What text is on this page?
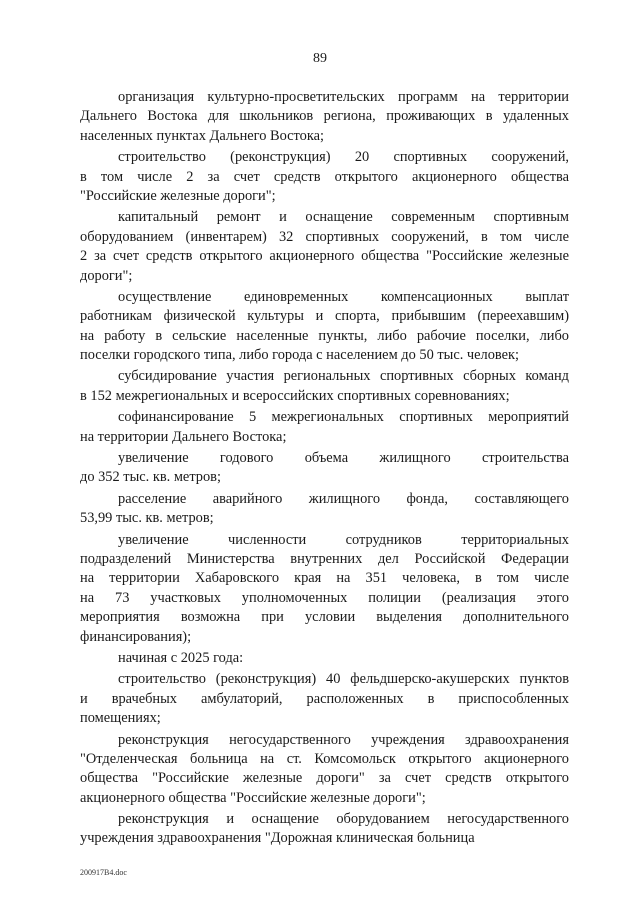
89
организация культурно-просветительских программ на территории
Дальнего Востока для школьников региона, проживающих в удаленных
населенных пунктах Дальнего Востока;
строительство (реконструкция) 20 спортивных сооружений,
в том числе 2 за счет средств открытого акционерного общества
"Российские железные дороги";
капитальный ремонт и оснащение современным спортивным
оборудованием (инвентарем) 32 спортивных сооружений, в том числе
2 за счет средств открытого акционерного общества "Российские железные
дороги";
осуществление единовременных компенсационных выплат
работникам физической культуры и спорта, прибывшим (переехавшим)
на работу в сельские населенные пункты, либо рабочие поселки, либо
поселки городского типа, либо города с населением до 50 тыс. человек;
субсидирование участия региональных спортивных сборных команд
в 152 межрегиональных и всероссийских спортивных соревнованиях;
софинансирование 5 межрегиональных спортивных мероприятий
на территории Дальнего Востока;
увеличение годового объема жилищного строительства
до 352 тыс. кв. метров;
расселение аварийного жилищного фонда, составляющего
53,99 тыс. кв. метров;
увеличение численности сотрудников территориальных
подразделений Министерства внутренних дел Российской Федерации
на территории Хабаровского края на 351 человека, в том числе
на 73 участковых уполномоченных полиции (реализация этого
мероприятия возможна при условии выделения дополнительного
финансирования);
начиная с 2025 года:
строительство (реконструкция) 40 фельдшерско-акушерских пунктов
и врачебных амбулаторий, расположенных в приспособленных
помещениях;
реконструкция негосударственного учреждения здравоохранения
"Отделенческая больница на ст. Комсомольск открытого акционерного
общества "Российские железные дороги" за счет средств открытого
акционерного общества "Российские железные дороги";
реконструкция и оснащение оборудованием негосударственного
учреждения здравоохранения "Дорожная клиническая больница
200917В4.doc
